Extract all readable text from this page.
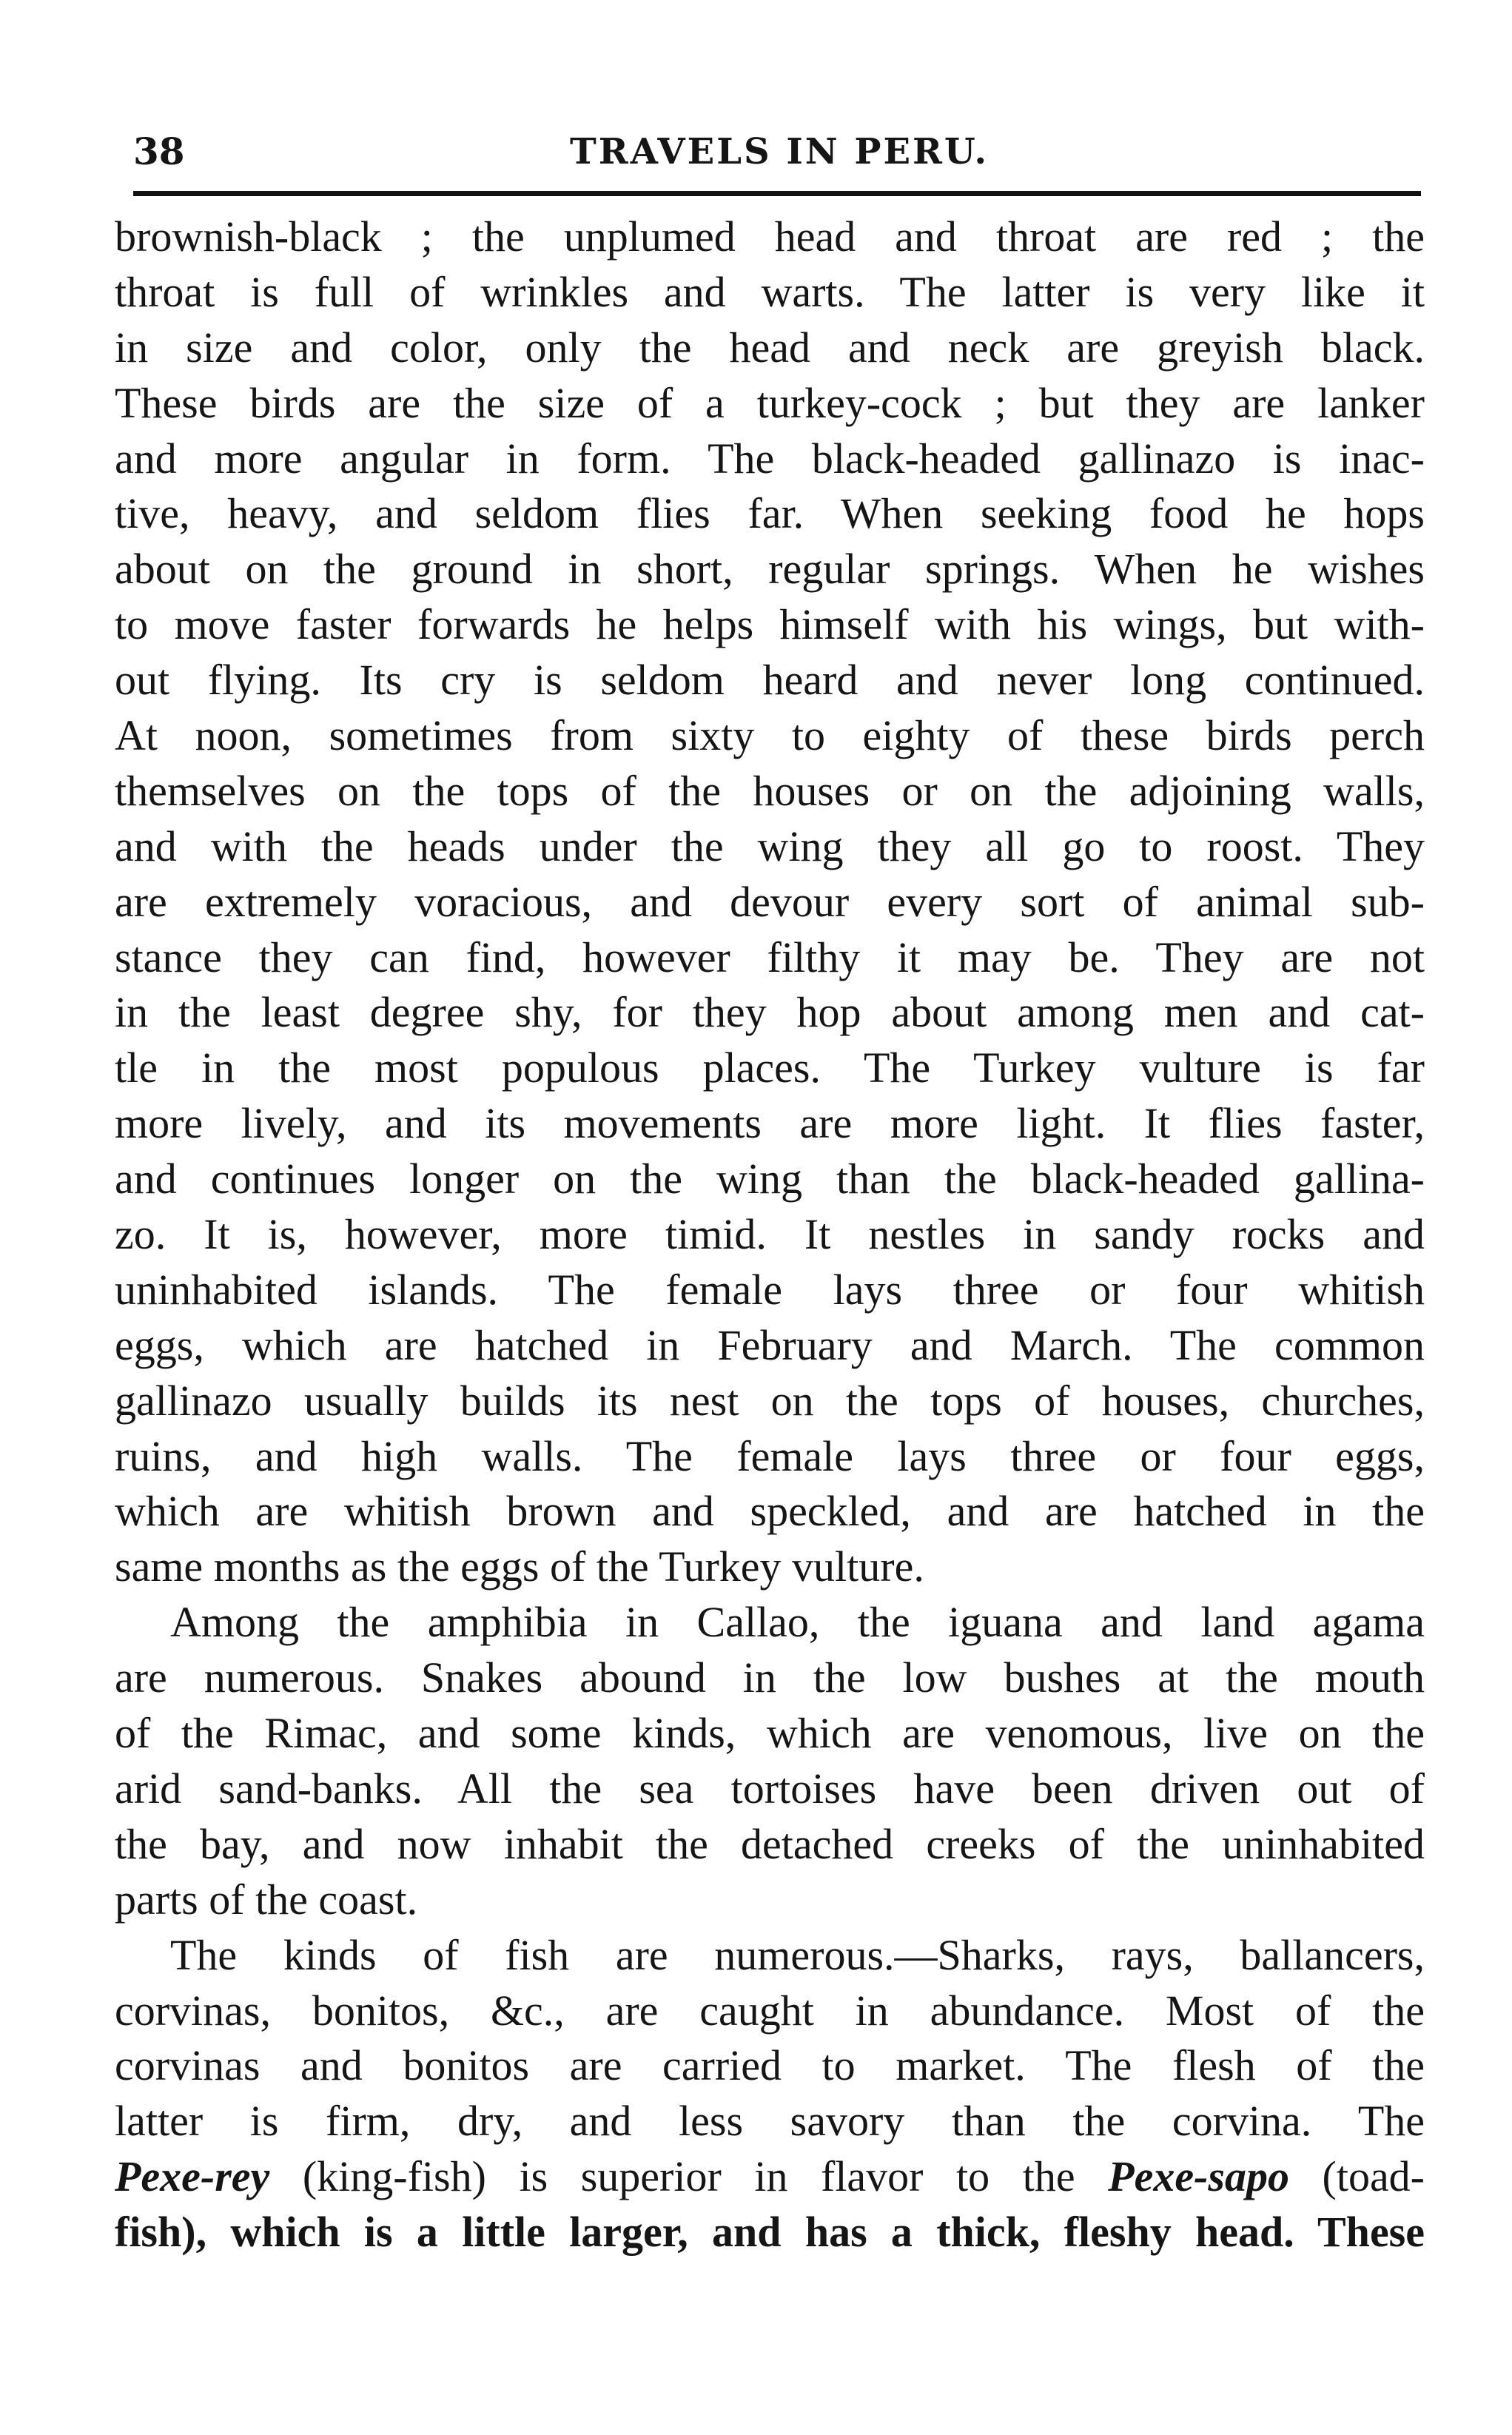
38	TRAVELS IN PERU.
brownish-black ; the unplumed head and throat are red ; the
throat is full of wrinkles and warts. The latter is very like it
in size and color, only the head and neck are greyish black.
These birds are the size of a turkey-cock ; but they are lanker
and more angular in form. The black-headed gallinazo is inac-
tive, heavy, and seldom flies far. When seeking food he hops
about on the ground in short, regular springs. When he wishes
to move faster forwards he helps himself with his wings, but with-
out flying. Its cry is seldom heard and never long continued.
At noon, sometimes from sixty to eighty of these birds perch
themselves on the tops of the houses or on the adjoining walls,
and with the heads under the wing they all go to roost. They
are extremely voracious, and devour every sort of animal sub-
stance they can find, however filthy it may be. They are not
in the least degree shy, for they hop about among men and cat-
tle in the most populous places. The Turkey vulture is far
more lively, and its movements are more light. It flies faster,
and continues longer on the wing than the black-headed gallina-
zo. It is, however, more timid. It nestles in sandy rocks and
uninhabited islands. The female lays three or four whitish
eggs, which are hatched in February and March. The common
gallinazo usually builds its nest on the tops of houses, churches,
ruins, and high walls. The female lays three or four eggs,
which are whitish brown and speckled, and are hatched in the
same months as the eggs of the Turkey vulture.
Among the amphibia in Callao, the iguana and land agama
are numerous. Snakes abound in the low bushes at the mouth
of the Rimac, and some kinds, which are venomous, live on the
arid sand-banks. All the sea tortoises have been driven out of
the bay, and now inhabit the detached creeks of the uninhabited
parts of the coast.
The kinds of fish are numerous.—Sharks, rays, ballancers,
corvinas, bonitos, &c., are caught in abundance. Most of the
corvinas and bonitos are carried to market. The flesh of the
latter is firm, dry, and less savory than the corvina. The
Pexe-rey (king-fish) is superior in flavor to the Pexe-sapo (toad-
fish), which is a little larger, and has a thick, fleshy head. These
